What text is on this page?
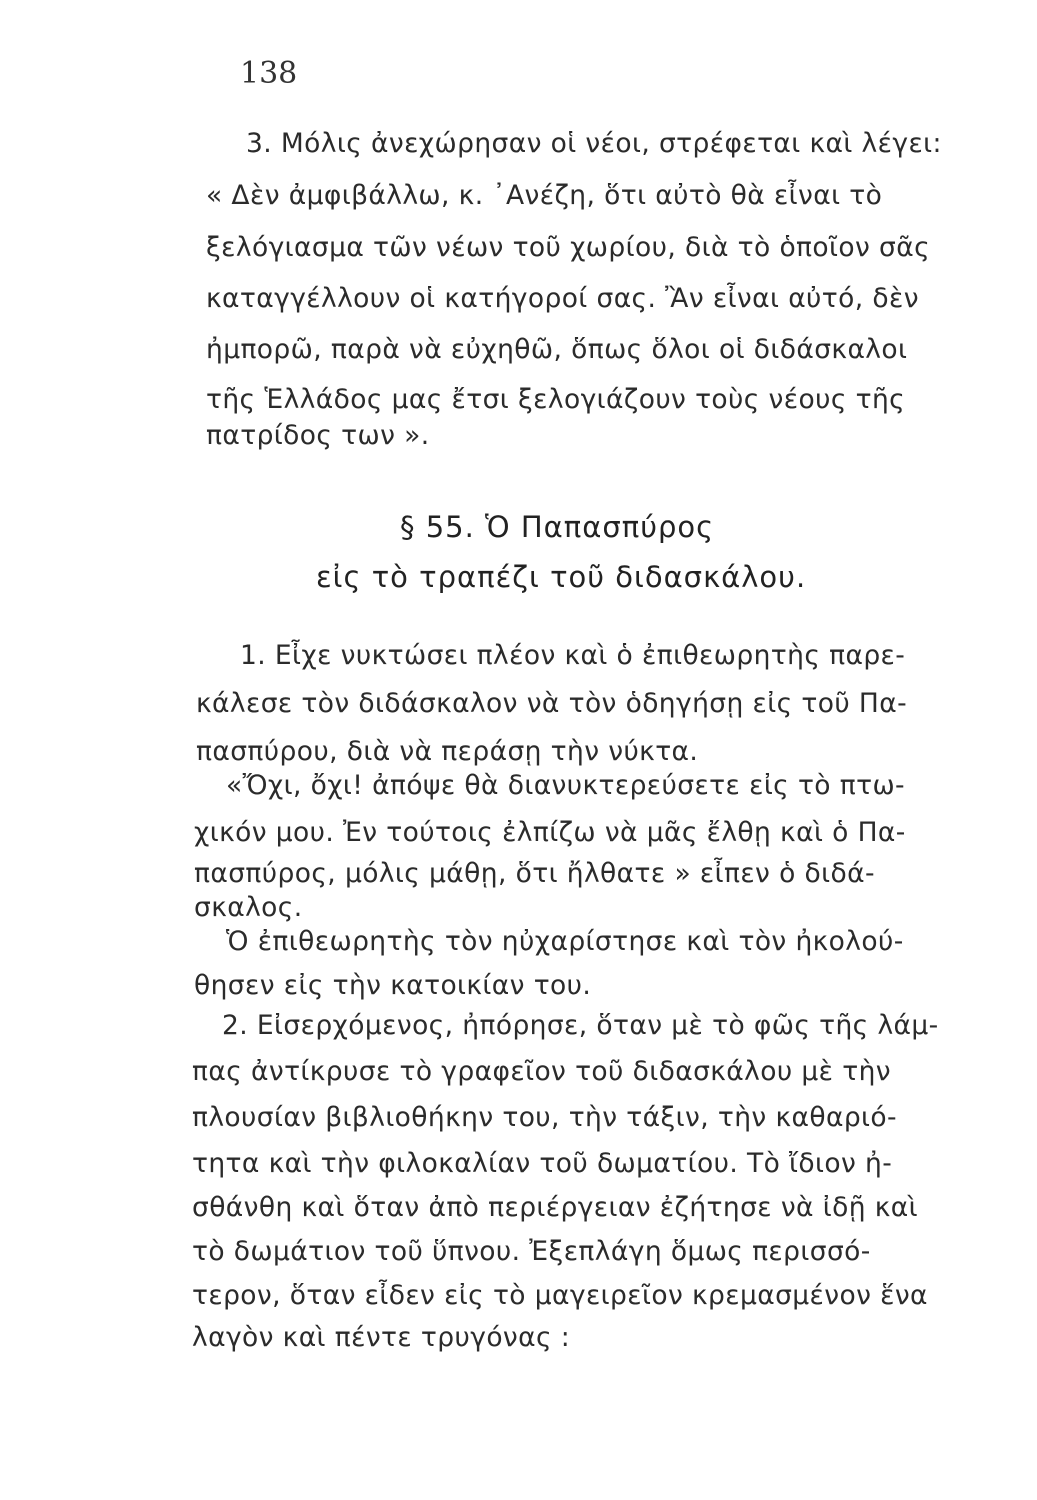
138
3. Μόλις ἀνεχώρησαν οἱ νέοι, στρέφεται καὶ λέγει:
« Δὲν ἀμφιβάλλω, κ. ᾿Ανέζη, ὅτι αὐτὸ θὰ εἶναι τὸ
ξελόγιασμα τῶν νέων τοῦ χωρίου, διὰ τὸ ὁποῖον σᾶς
καταγγέλλουν οἱ κατήγοροί σας. Ἂν εἶναι αὐτό, δὲν
ἠμπορῶ, παρὰ νὰ εὐχηθῶ, ὅπως ὅλοι οἱ διδάσκαλοι
τῆς Ἑλλάδος μας ἔτσι ξελογιάζουν τοὺς νέους τῆς
πατρίδος των ».
§ 55. Ὁ Παπασπύρος
εἰς τὸ τραπέζι τοῦ διδασκάλου.
1. Εἶχε νυκτώσει πλέον καὶ ὁ ἐπιθεωρητὴς παρε-
κάλεσε τὸν διδάσκαλον νὰ τὸν ὁδηγήσῃ εἰς τοῦ Πα-
πασπύρου, διὰ νὰ περάσῃ τὴν νύκτα.
«Ὄχι, ὄχι! ἀπόψε θὰ διανυκτερεύσετε εἰς τὸ πτω-
χικόν μου. Ἐν τούτοις ἐλπίζω νὰ μᾶς ἔλθῃ καὶ ὁ Πα-
πασπύρος, μόλις μάθῃ, ὅτι ἤλθατε » εἶπεν ὁ διδά-
σκαλος.
Ὁ ἐπιθεωρητὴς τὸν ηὐχαρίστησε καὶ τὸν ἠκολού-
θησεν εἰς τὴν κατοικίαν του.
2. Εἰσερχόμενος, ἠπόρησε, ὅταν μὲ τὸ φῶς τῆς λάμ-
πας ἀντίκρυσε τὸ γραφεῖον τοῦ διδασκάλου μὲ τὴν
πλουσίαν βιβλιοθήκην του, τὴν τάξιν, τὴν καθαριό-
τητα καὶ τὴν φιλοκαλίαν τοῦ δωματίου. Τὸ ἴδιον ἠ-
σθάνθη καὶ ὅταν ἀπὸ περιέργειαν ἐζήτησε νὰ ἰδῇ καὶ
τὸ δωμάτιον τοῦ ὕπνου. Ἐξεπλάγη ὅμως περισσό-
τερον, ὅταν εἶδεν εἰς τὸ μαγειρεῖον κρεμασμένον ἕνα
λαγὸν καὶ πέντε τρυγόνας :
